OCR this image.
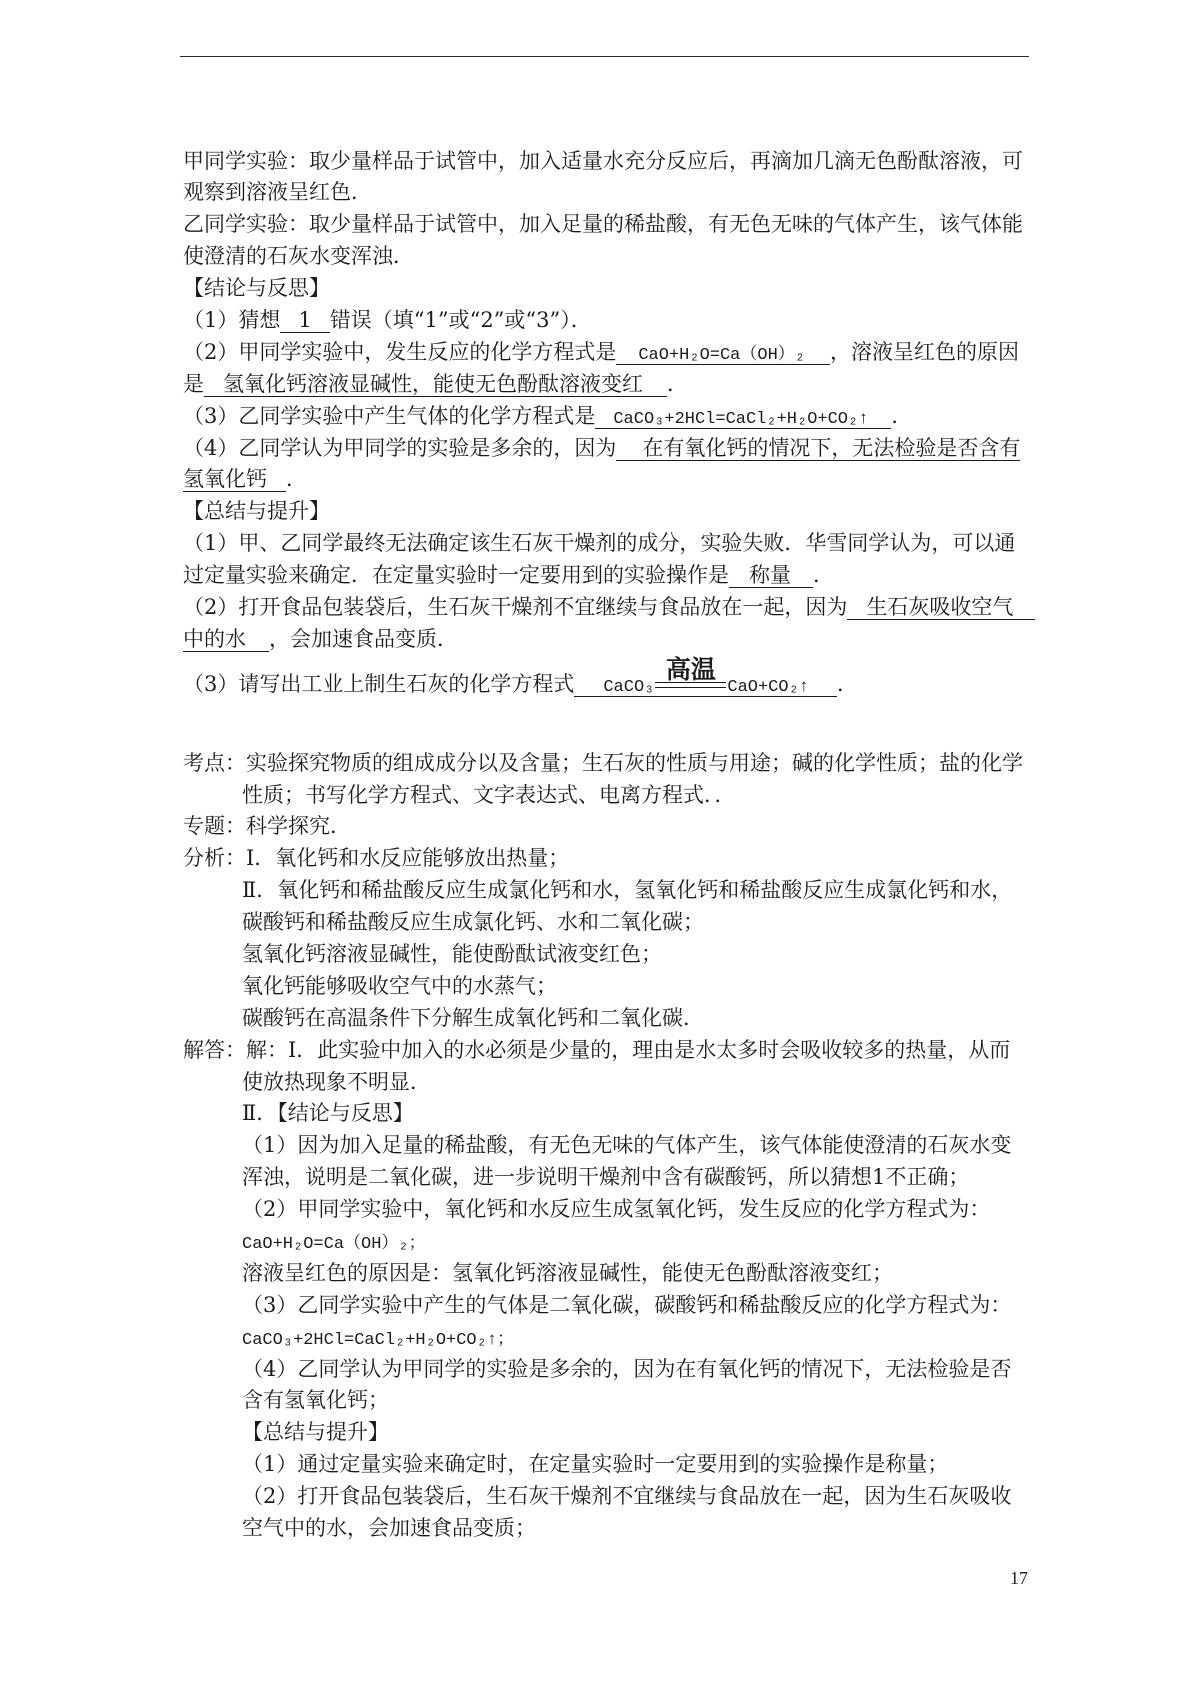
甲同学实验：取少量样品于试管中，加入适量水充分反应后，再滴加几滴无色酚酞溶液，可
观察到溶液呈红色．
乙同学实验：取少量样品于试管中，加入足量的稀盐酸，有无色无味的气体产生，该气体能
使澄清的石灰水变浑浊．
【结论与反思】
（1）猜想 1 错误（填“1”或“2”或“3”）．
（2）甲同学实验中，发生反应的化学方程式是 CaO+H₂O=Ca（OH）₂ ，溶液呈红色的原因
是 氢氧化钙溶液显碱性，能使无色酚酞溶液变红 ．
（3）乙同学实验中产生气体的化学方程式是 CaCO₃+2HCl=CaCl₂+H₂O+CO₂↑ ．
（4）乙同学认为甲同学的实验是多余的，因为 在有氧化钙的情况下，无法检验是否含有
氢氧化钙 ．
【总结与提升】
（1）甲、乙同学最终无法确定该生石灰干燥剂的成分，实验失败．华雪同学认为，可以通
过定量实验来确定．在定量实验时一定要用到的实验操作是 称量 ．
（2）打开食品包装袋后，生石灰干燥剂不宜继续与食品放在一起，因为 生石灰吸收空气
中的水 ，会加速食品变质．
（3）请写出工业上制生石灰的化学方程式 CaCO₃
高温
CaO+CO₂↑ ．
考点：实验探究物质的组成成分以及含量；生石灰的性质与用途；碱的化学性质；盐的化学
性质；书写化学方程式、文字表达式、电离方程式．．
专题：科学探究．
分析：Ⅰ．氧化钙和水反应能够放出热量；
Ⅱ．氧化钙和稀盐酸反应生成氯化钙和水，氢氧化钙和稀盐酸反应生成氯化钙和水，
碳酸钙和稀盐酸反应生成氯化钙、水和二氧化碳；
氢氧化钙溶液显碱性，能使酚酞试液变红色；
氧化钙能够吸收空气中的水蒸气；
碳酸钙在高温条件下分解生成氧化钙和二氧化碳．
解答：解：Ⅰ．此实验中加入的水必须是少量的，理由是水太多时会吸收较多的热量，从而
使放热现象不明显．
Ⅱ．【结论与反思】
（1）因为加入足量的稀盐酸，有无色无味的气体产生，该气体能使澄清的石灰水变
浑浊，说明是二氧化碳，进一步说明干燥剂中含有碳酸钙，所以猜想1不正确；
（2）甲同学实验中，氧化钙和水反应生成氢氧化钙，发生反应的化学方程式为：
CaO+H₂O=Ca（OH）₂；
溶液呈红色的原因是：氢氧化钙溶液显碱性，能使无色酚酞溶液变红；
（3）乙同学实验中产生的气体是二氧化碳，碳酸钙和稀盐酸反应的化学方程式为：
CaCO₃+2HCl=CaCl₂+H₂O+CO₂↑；
（4）乙同学认为甲同学的实验是多余的，因为在有氧化钙的情况下，无法检验是否
含有氢氧化钙；
【总结与提升】
（1）通过定量实验来确定时，在定量实验时一定要用到的实验操作是称量；
（2）打开食品包装袋后，生石灰干燥剂不宜继续与食品放在一起，因为生石灰吸收
空气中的水，会加速食品变质；
17
